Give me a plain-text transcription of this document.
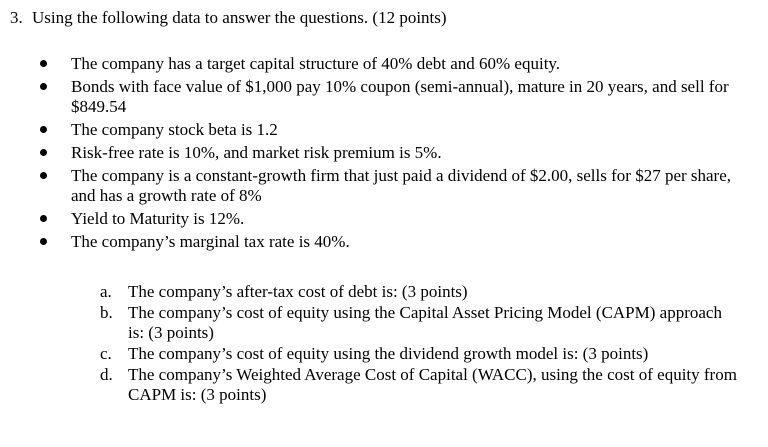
3. Using the following data to answer the questions. (12 points)
The company has a target capital structure of 40% debt and 60% equity.
Bonds with face value of $1,000 pay 10% coupon (semi-annual), mature in 20 years, and sell for $849.54
The company stock beta is 1.2
Risk-free rate is 10%, and market risk premium is 5%.
The company is a constant-growth firm that just paid a dividend of $2.00, sells for $27 per share, and has a growth rate of 8%
Yield to Maturity is 12%.
The company’s marginal tax rate is 40%.
a. The company’s after-tax cost of debt is: (3 points)
b. The company’s cost of equity using the Capital Asset Pricing Model (CAPM) approach is: (3 points)
c. The company’s cost of equity using the dividend growth model is: (3 points)
d. The company’s Weighted Average Cost of Capital (WACC), using the cost of equity from CAPM is: (3 points)
